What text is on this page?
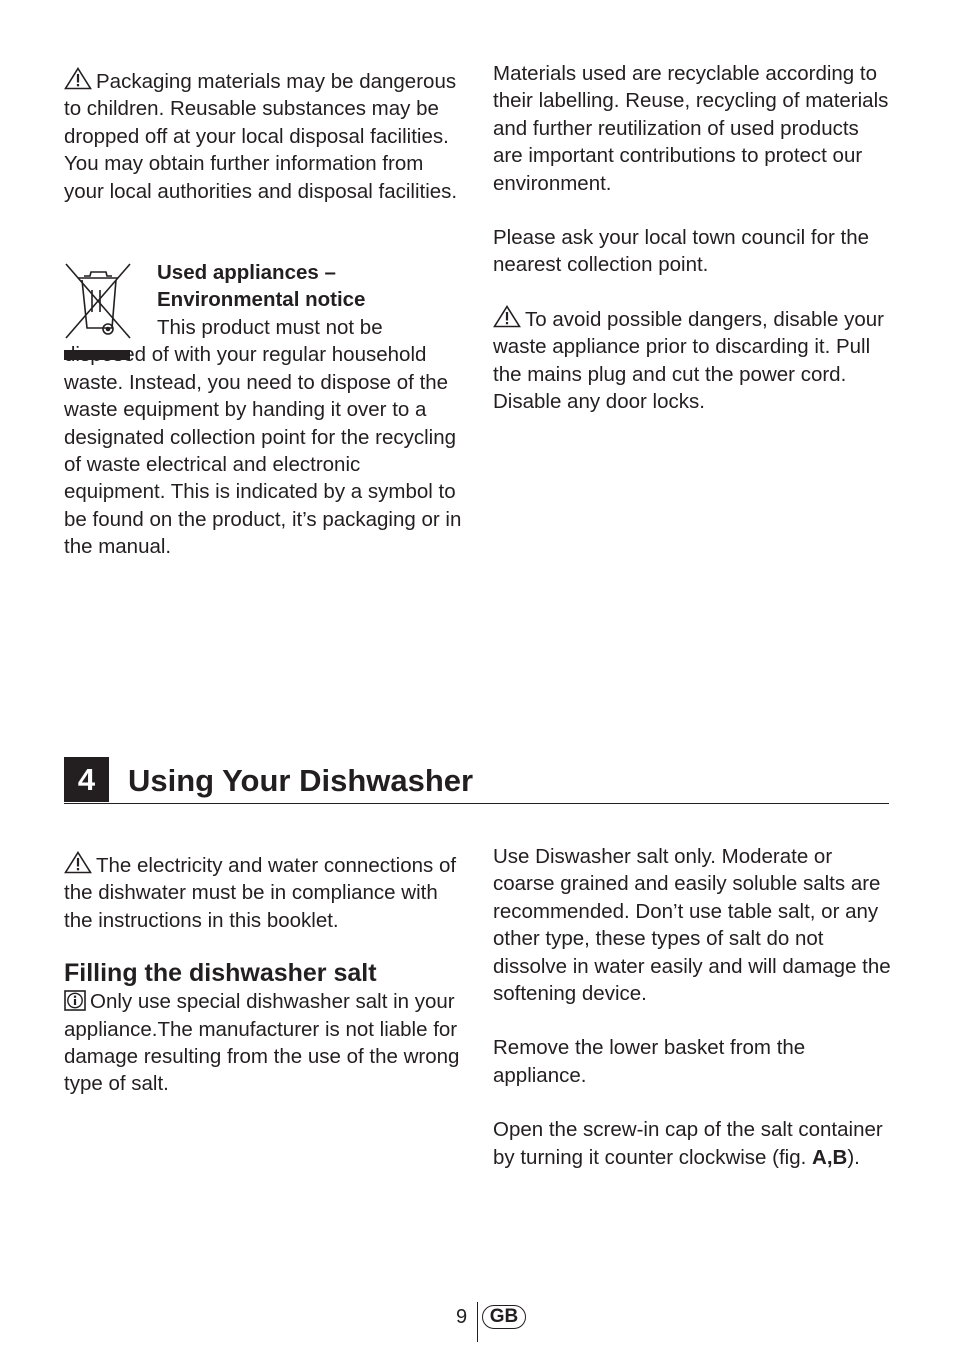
Packaging materials may be dangerous to children. Reusable substances may be dropped off at your local disposal facilities. You may obtain further information from your local authorities and disposal facilities.

Used appliances –

Environmental notice

This product must not be disposed of with your regular household waste. Instead, you need to dispose of the waste equipment by handing it over to a designated collection point for the recycling of waste electrical and electronic equipment. This is indicated by a symbol to be found on the product, it’s packaging or in the manual.

Materials used are recyclable according to their labelling. Reuse, recycling of materials and further reutilization of used products are important contributions to protect our environment.

Please ask your local town council for the nearest collection point.

To avoid possible dangers, disable your waste appliance prior to discarding it. Pull the mains plug and cut the power cord. Disable any door locks.

4	Using Your Dishwasher

The electricity and water connections of the dishwater must be in compliance with the instructions in this booklet.

Filling the dishwasher salt

Only use special dishwasher salt in your appliance.The manufacturer is not liable for damage resulting from the use of the wrong type of salt.

Use Diswasher salt only. Moderate or coarse grained and easily soluble salts are recommended. Don’t use table salt, or any other type, these types of salt do not dissolve in water easily and will damage the softening device.

Remove the lower basket from the appliance.

Open the screw-in cap of the salt container by turning it counter clockwise (fig. A,B).

9	GB
